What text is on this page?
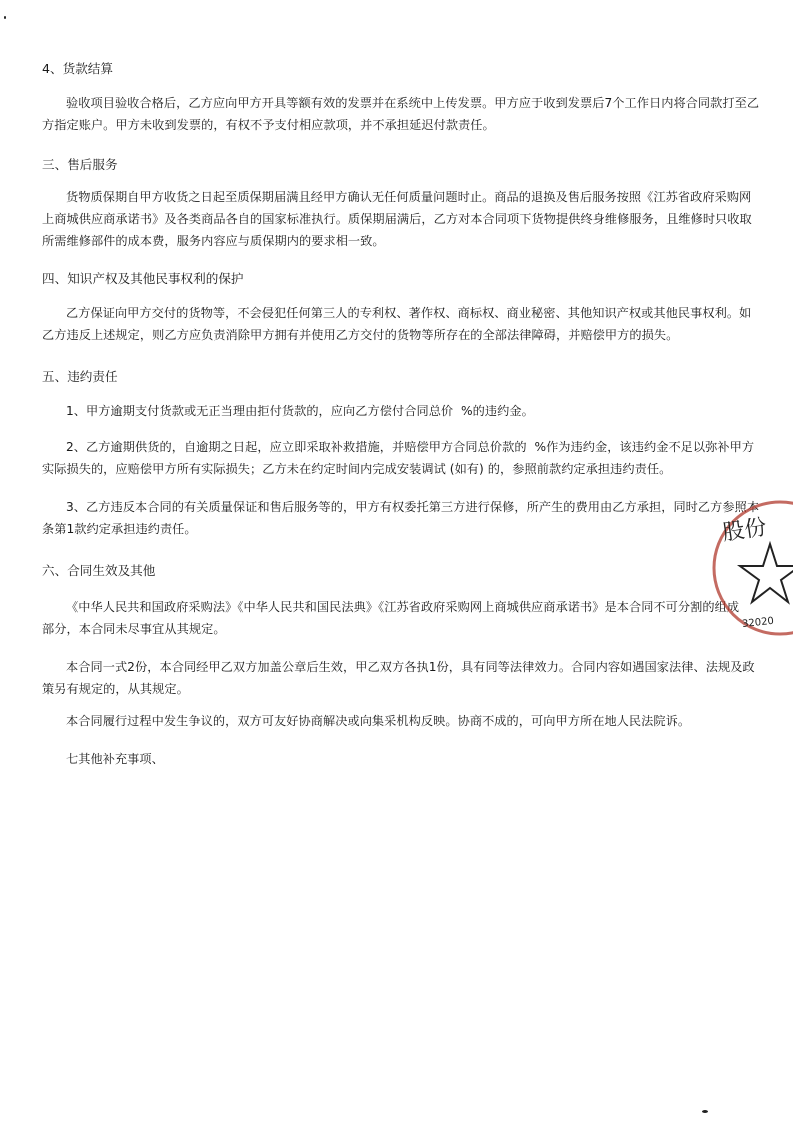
4、货款结算

验收项目验收合格后，乙方应向甲方开具等额有效的发票并在系统中上传发票。甲方应于收到发票后7个工作日内将合同款打至乙
方指定账户。甲方未收到发票的，有权不予支付相应款项，并不承担延迟付款责任。

三、售后服务

货物质保期自甲方收货之日起至质保期届满且经甲方确认无任何质量问题时止。商品的退换及售后服务按照《江苏省政府采购网
上商城供应商承诺书》及各类商品各自的国家标准执行。质保期届满后，乙方对本合同项下货物提供终身维修服务，且维修时只收取
所需维修部件的成本费，服务内容应与质保期内的要求相一致。

四、知识产权及其他民事权利的保护

乙方保证向甲方交付的货物等，不会侵犯任何第三人的专利权、著作权、商标权、商业秘密、其他知识产权或其他民事权利。如
乙方违反上述规定，则乙方应负责消除甲方拥有并使用乙方交付的货物等所存在的全部法律障碍，并赔偿甲方的损失。

五、违约责任

1、甲方逾期支付货款或无正当理由拒付货款的，应向乙方偿付合同总价  %的违约金。
2、乙方逾期供货的，自逾期之日起，应立即采取补救措施，并赔偿甲方合同总价款的  %作为违约金，该违约金不足以弥补甲方
实际损失的，应赔偿甲方所有实际损失；乙方未在约定时间内完成安装调试 (如有) 的，参照前款约定承担违约责任。
3、乙方违反本合同的有关质量保证和售后服务等的，甲方有权委托第三方进行保修，所产生的费用由乙方承担，同时乙方参照本
条第1款约定承担违约责任。

六、合同生效及其他

《中华人民共和国政府采购法》《中华人民共和国民法典》《江苏省政府采购网上商城供应商承诺书》是本合同不可分割的组成
部分，本合同未尽事宜从其规定。
本合同一式2份，本合同经甲乙双方加盖公章后生效，甲乙双方各执1份，具有同等法律效力。合同内容如遇国家法律、法规及政
策另有规定的，从其规定。
本合同履行过程中发生争议的，双方可友好协商解决或向集采机构反映。协商不成的，可向甲方所在地人民法院诉。
七其他补充事项、
股份
32020
